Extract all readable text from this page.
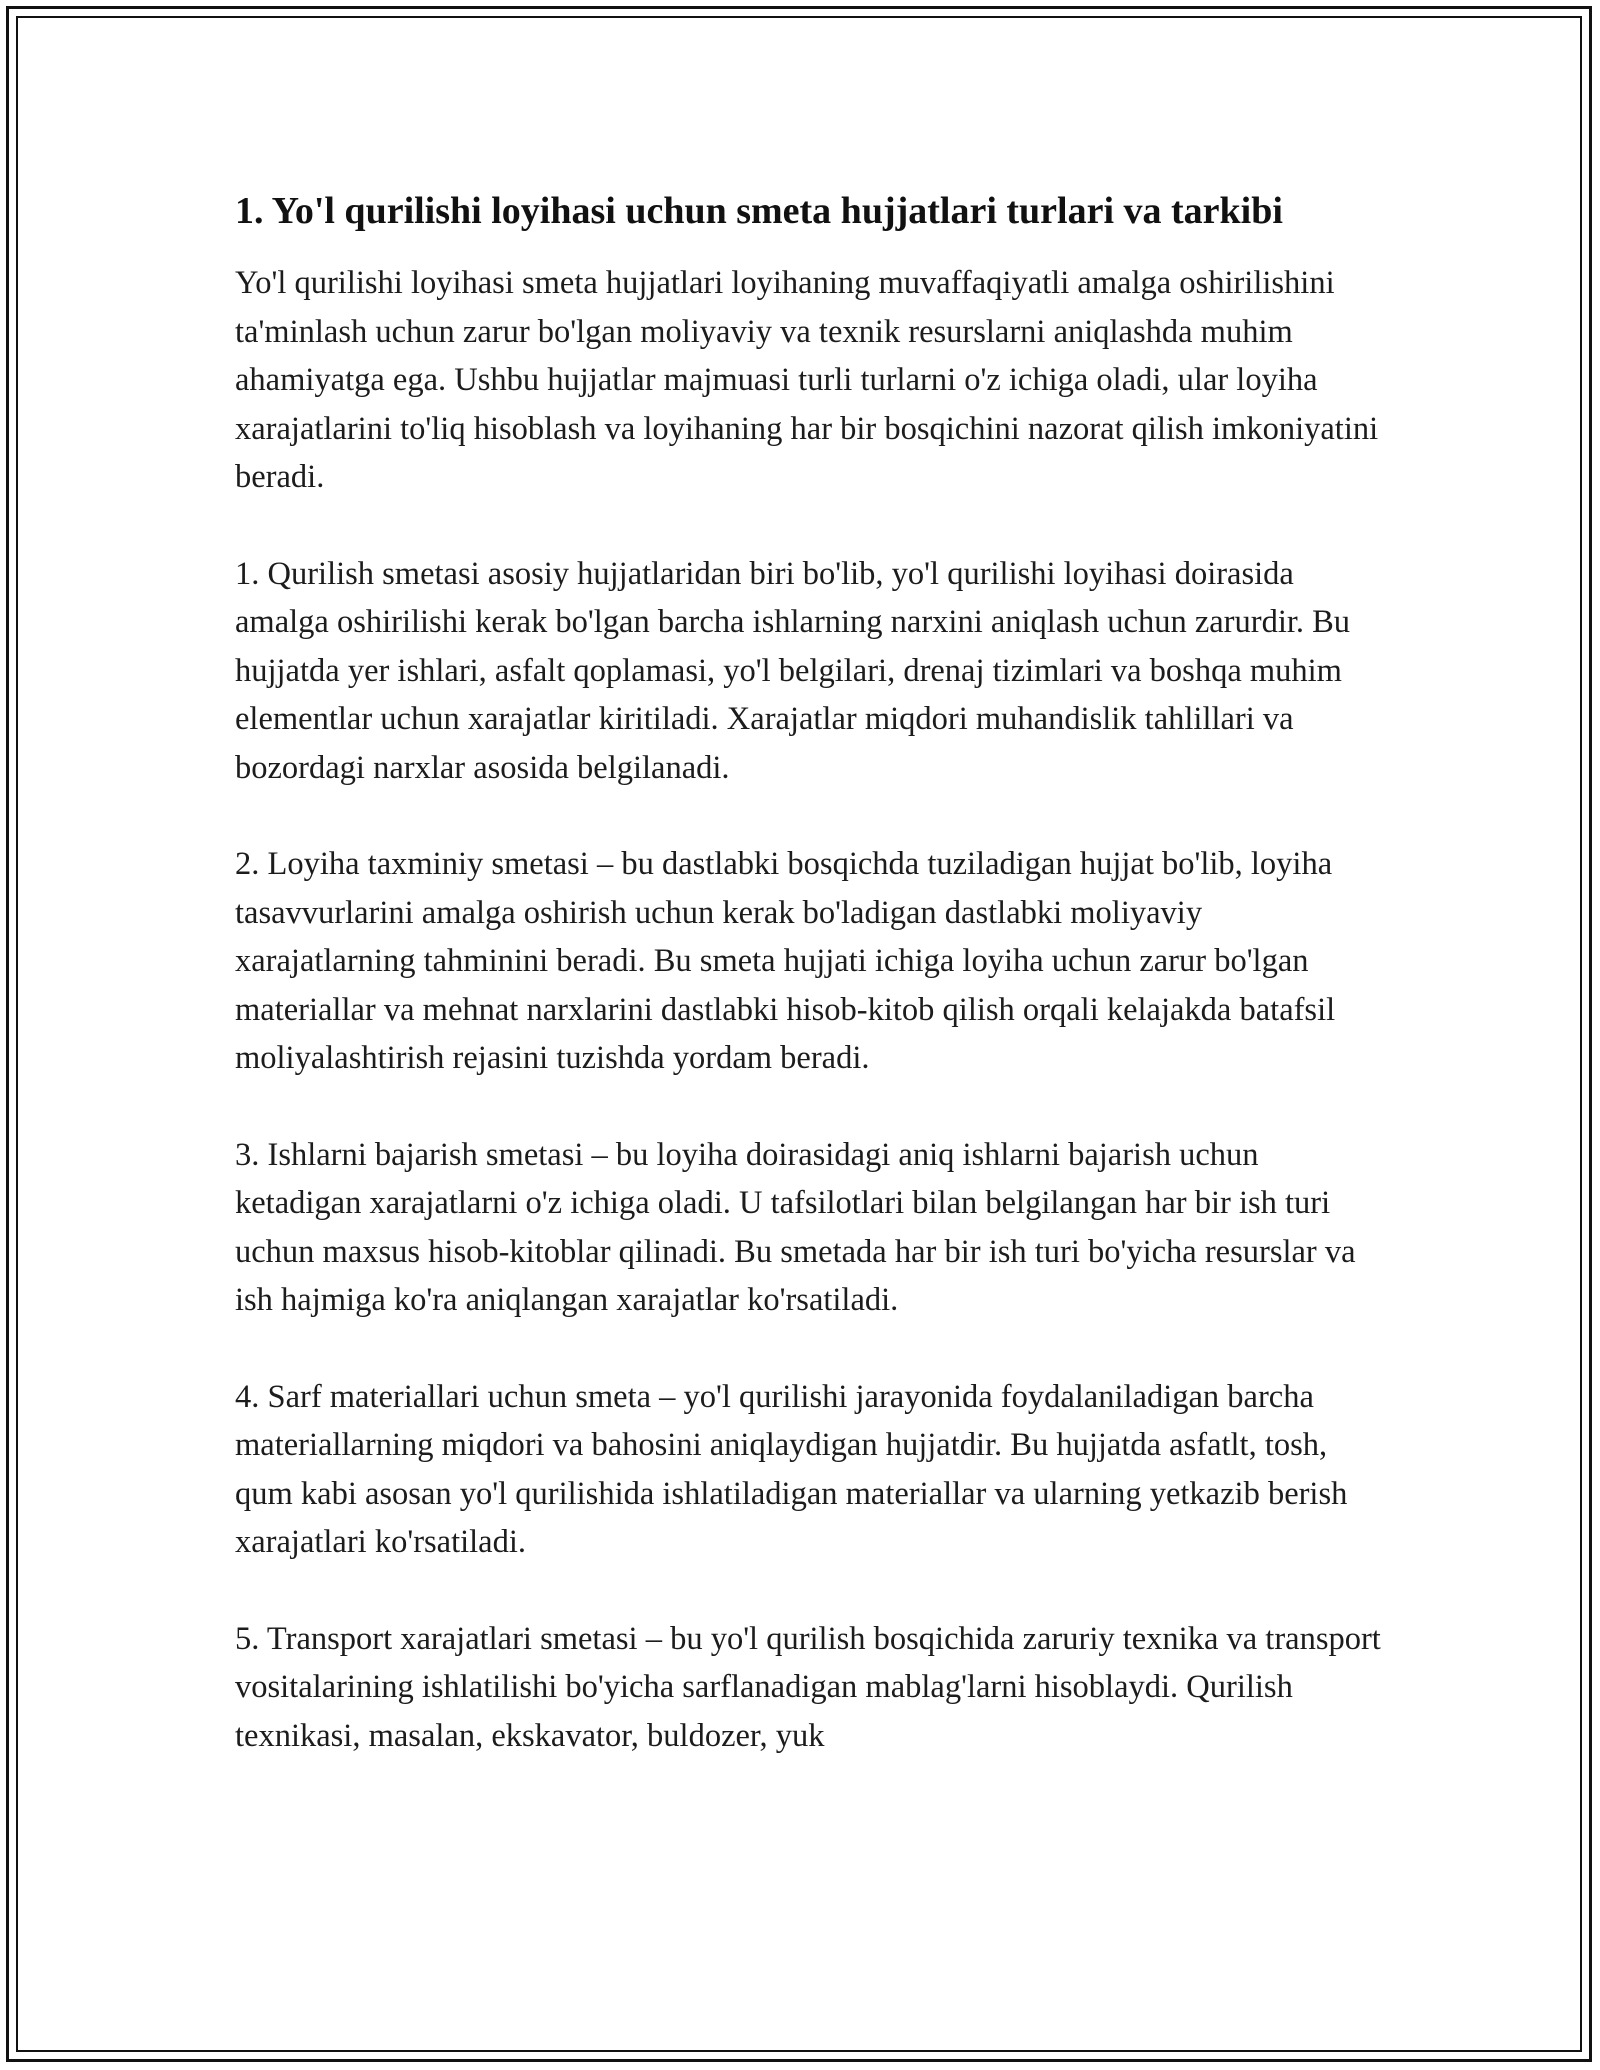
1. Yo'l qurilishi loyihasi uchun smeta hujjatlari turlari va tarkibi

Yo'l qurilishi loyihasi smeta hujjatlari loyihaning muvaffaqiyatli amalga oshirilishini ta'minlash uchun zarur bo'lgan moliyaviy va texnik resurslarni aniqlashda muhim ahamiyatga ega. Ushbu hujjatlar majmuasi turli turlarni o'z ichiga oladi, ular loyiha xarajatlarini to'liq hisoblash va loyihaning har bir bosqichini nazorat qilish imkoniyatini beradi.

1. Qurilish smetasi asosiy hujjatlaridan biri bo'lib, yo'l qurilishi loyihasi doirasida amalga oshirilishi kerak bo'lgan barcha ishlarning narxini aniqlash uchun zarurdir. Bu hujjatda yer ishlari, asfalt qoplamasi, yo'l belgilari, drenaj tizimlari va boshqa muhim elementlar uchun xarajatlar kiritiladi. Xarajatlar miqdori muhandislik tahlillari va bozordagi narxlar asosida belgilanadi.

2. Loyiha taxminiy smetasi – bu dastlabki bosqichda tuziladigan hujjat bo'lib, loyiha tasavvurlarini amalga oshirish uchun kerak bo'ladigan dastlabki moliyaviy xarajatlarning tahminini beradi. Bu smeta hujjati ichiga loyiha uchun zarur bo'lgan materiallar va mehnat narxlarini dastlabki hisob-kitob qilish orqali kelajakda batafsil moliyalashtirish rejasini tuzishda yordam beradi.

3. Ishlarni bajarish smetasi – bu loyiha doirasidagi aniq ishlarni bajarish uchun ketadigan xarajatlarni o'z ichiga oladi. U tafsilotlari bilan belgilangan har bir ish turi uchun maxsus hisob-kitoblar qilinadi. Bu smetada har bir ish turi bo'yicha resurslar va ish hajmiga ko'ra aniqlangan xarajatlar ko'rsatiladi.

4. Sarf materiallari uchun smeta – yo'l qurilishi jarayonida foydalaniladigan barcha materiallarning miqdori va bahosini aniqlaydigan hujjatdir. Bu hujjatda asfatlt, tosh, qum kabi asosan yo'l qurilishida ishlatiladigan materiallar va ularning yetkazib berish xarajatlari ko'rsatiladi.

5. Transport xarajatlari smetasi – bu yo'l qurilish bosqichida zaruriy texnika va transport vositalarining ishlatilishi bo'yicha sarflanadigan mablag'larni hisoblaydi. Qurilish texnikasi, masalan, ekskavator, buldozer, yuk
